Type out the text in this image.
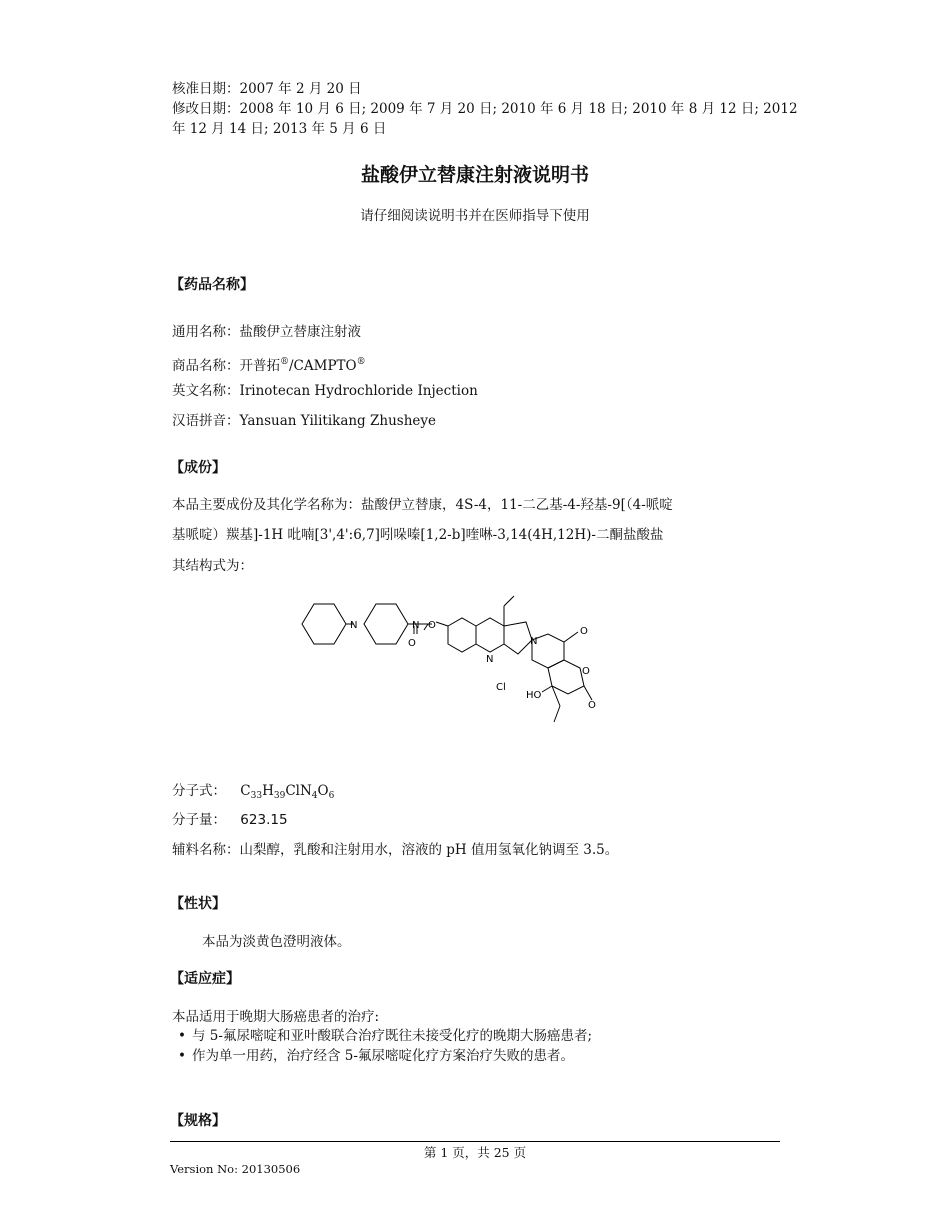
核准日期：2007 年 2 月 20 日
修改日期：2008 年 10 月 6 日; 2009 年 7 月 20 日; 2010 年 6 月 18 日; 2010 年 8 月 12 日; 2012
年 12 月 14 日; 2013 年 5 月 6 日
盐酸伊立替康注射液说明书
请仔细阅读说明书并在医师指导下使用
【药品名称】
通用名称：盐酸伊立替康注射液
商品名称：开普拓®/CAMPTO®
英文名称：Irinotecan Hydrochloride Injection
汉语拼音：Yansuan Yilitikang Zhusheye
【成份】
本品主要成份及其化学名称为：盐酸伊立替康，4S-4，11-二乙基-4-羟基-9[（4-哌啶
基哌啶）羰基]-1H 吡喃[3',4':6,7]吲哚嗪[1,2-b]喹啉-3,14(4H,12H)-二酮盐酸盐
其结构式为：
N	N
O
O
N
N
O
O
O
HO
Cl
分子式： $C_{33}H_{39}ClN_4O_6$
分子量： 623.15
辅料名称：山梨醇，乳酸和注射用水，溶液的 pH 值用氢氧化钠调至 3.5。
【性状】
本品为淡黄色澄明液体。
【适应症】
本品适用于晚期大肠癌患者的治疗:
• 与 5-氟尿嘧啶和亚叶酸联合治疗既往未接受化疗的晚期大肠癌患者;
• 作为单一用药，治疗经含 5-氟尿嘧啶化疗方案治疗失败的患者。
【规格】
第 1 页，共 25 页
Version No: 20130506
